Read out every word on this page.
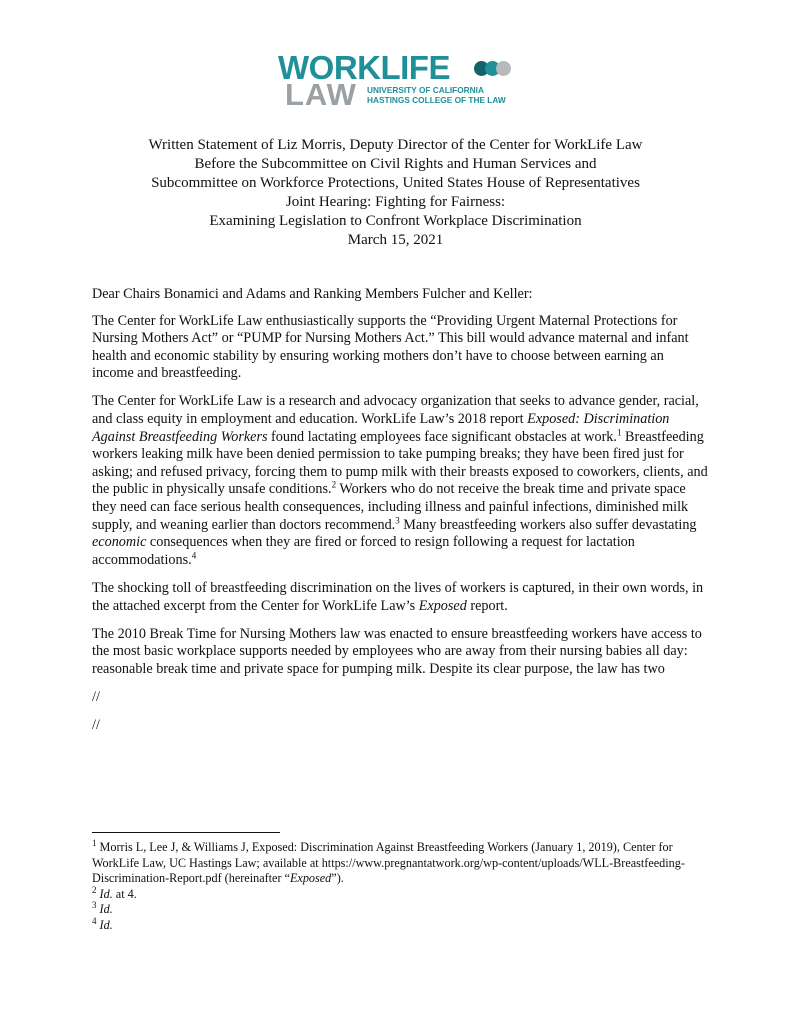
WORKLIFE
LAW UNIVERSITY OF CALIFORNIA
HASTINGS COLLEGE OF THE LAW
Written Statement of Liz Morris, Deputy Director of the Center for WorkLife Law
Before the Subcommittee on Civil Rights and Human Services and
Subcommittee on Workforce Protections, United States House of Representatives
Joint Hearing: Fighting for Fairness:
Examining Legislation to Confront Workplace Discrimination
March 15, 2021

Dear Chairs Bonamici and Adams and Ranking Members Fulcher and Keller:

The Center for WorkLife Law enthusiastically supports the “Providing Urgent Maternal Protections for Nursing Mothers Act” or “PUMP for Nursing Mothers Act.” This bill would advance maternal and infant health and economic stability by ensuring working mothers don’t have to choose between earning an income and breastfeeding.

The Center for WorkLife Law is a research and advocacy organization that seeks to advance gender, racial, and class equity in employment and education. WorkLife Law’s 2018 report Exposed: Discrimination Against Breastfeeding Workers found lactating employees face significant obstacles at work.$^1$ Breastfeeding workers leaking milk have been denied permission to take pumping breaks; they have been fired just for asking; and refused privacy, forcing them to pump milk with their breasts exposed to coworkers, clients, and the public in physically unsafe conditions.$^2$ Workers who do not receive the break time and private space they need can face serious health consequences, including illness and painful infections, diminished milk supply, and weaning earlier than doctors recommend.$^3$ Many breastfeeding workers also suffer devastating economic consequences when they are fired or forced to resign following a request for lactation accommodations.$^4$

The shocking toll of breastfeeding discrimination on the lives of workers is captured, in their own words, in the attached excerpt from the Center for WorkLife Law’s Exposed report.

The 2010 Break Time for Nursing Mothers law was enacted to ensure breastfeeding workers have access to the most basic workplace supports needed by employees who are away from their nursing babies all day: reasonable break time and private space for pumping milk. Despite its clear purpose, the law has two

//

//

$^1$ Morris L, Lee J, & Williams J, Exposed: Discrimination Against Breastfeeding Workers (January 1, 2019), Center for WorkLife Law, UC Hastings Law; available at https://www.pregnantatwork.org/wp-content/uploads/WLL-Breastfeeding-Discrimination-Report.pdf (hereinafter “Exposed”).
$^2$ Id. at 4.
$^3$ Id.
$^4$ Id.
